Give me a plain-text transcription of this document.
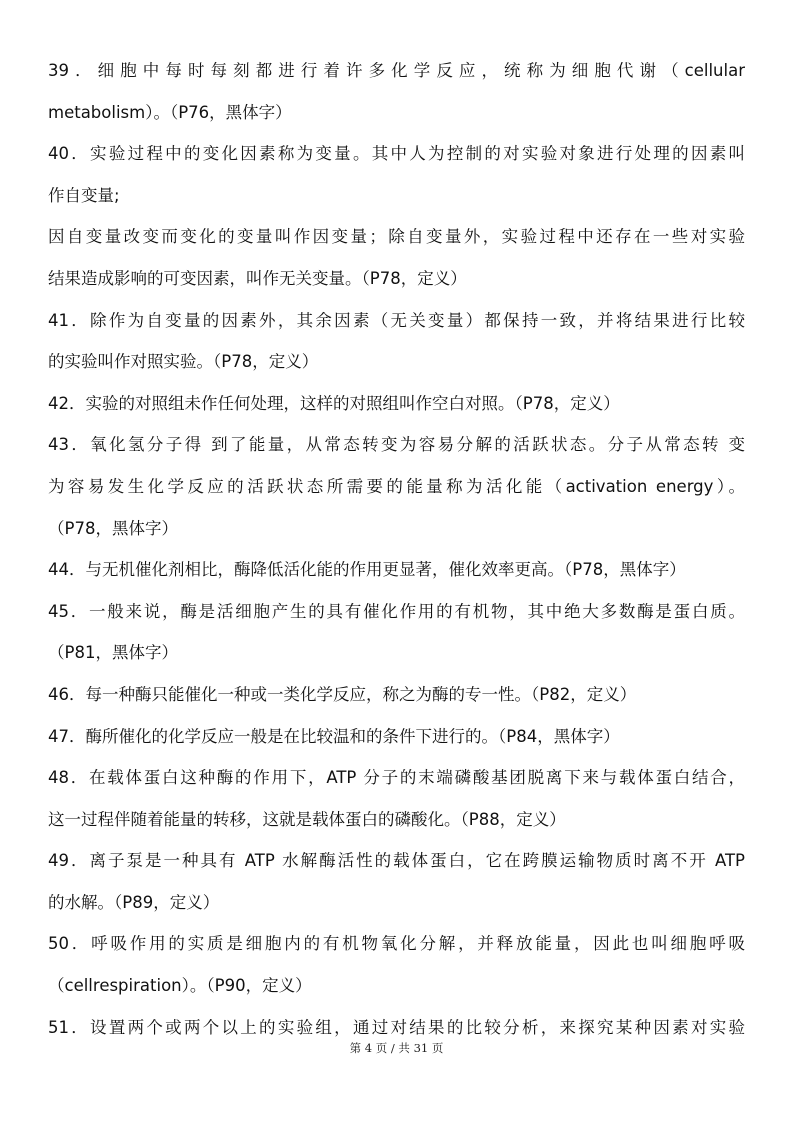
39．细胞中每时每刻都进行着许多化学反应，统称为细胞代谢（cellular
metabolism）。（P76，黑体字）
40．实验过程中的变化因素称为变量。其中人为控制的对实验对象进行处理的因素叫
作自变量;
因自变量改变而变化的变量叫作因变量；除自变量外，实验过程中还存在一些对实验
结果造成影响的可变因素，叫作无关变量。（P78，定义）
41．除作为自变量的因素外，其余因素（无关变量）都保持一致，并将结果进行比较
的实验叫作对照实验。（P78，定义）
42．实验的对照组未作任何处理，这样的对照组叫作空白对照。（P78，定义）
43．氧化氢分子得 到了能量，从常态转变为容易分解的活跃状态。分子从常态转 变
为容易发生化学反应的活跃状态所需要的能量称为活化能（activation energy）。
（P78，黑体字）
44．与无机催化剂相比，酶降低活化能的作用更显著，催化效率更高。（P78，黑体字）
45．一般来说，酶是活细胞产生的具有催化作用的有机物，其中绝大多数酶是蛋白质。
（P81，黑体字）
46．每一种酶只能催化一种或一类化学反应，称之为酶的专一性。（P82，定义）
47．酶所催化的化学反应一般是在比较温和的条件下进行的。（P84，黑体字）
48．在载体蛋白这种酶的作用下，ATP 分子的末端磷酸基团脱离下来与载体蛋白结合，
这一过程伴随着能量的转移，这就是载体蛋白的磷酸化。（P88，定义）
49．离子泵是一种具有 ATP 水解酶活性的载体蛋白，它在跨膜运输物质时离不开 ATP
的水解。（P89，定义）
50．呼吸作用的实质是细胞内的有机物氧化分解，并释放能量，因此也叫细胞呼吸
（cellrespiration）。（P90，定义）
51．设置两个或两个以上的实验组，通过对结果的比较分析，来探究某种因素对实验
第 4 页 / 共 31 页
